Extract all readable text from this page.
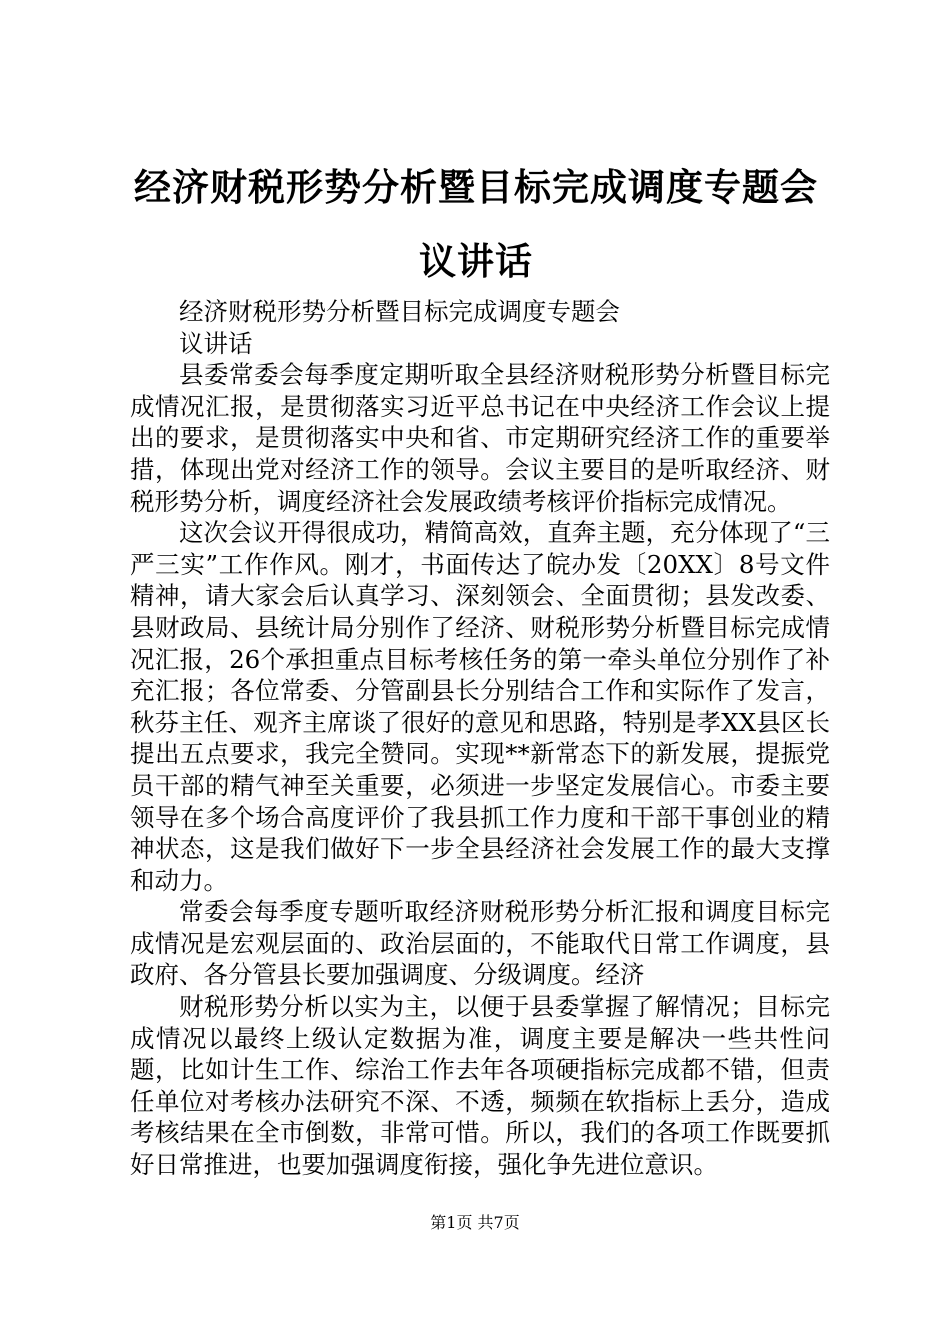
经济财税形势分析暨目标完成调度专题会议讲话

经济财税形势分析暨目标完成调度专题会

议讲话

县委常委会每季度定期听取全县经济财税形势分析暨目标完成情况汇报，是贯彻落实习近平总书记在中央经济工作会议上提出的要求，是贯彻落实中央和省、市定期研究经济工作的重要举措，体现出党对经济工作的领导。会议主要目的是听取经济、财税形势分析，调度经济社会发展政绩考核评价指标完成情况。

这次会议开得很成功，精简高效，直奔主题，充分体现了“三严三实”工作作风。刚才，书面传达了皖办发〔20XX〕8号文件精神，请大家会后认真学习、深刻领会、全面贯彻；县发改委、县财政局、县统计局分别作了经济、财税形势分析暨目标完成情况汇报，26个承担重点目标考核任务的第一牵头单位分别作了补充汇报；各位常委、分管副县长分别结合工作和实际作了发言，秋芬主任、观齐主席谈了很好的意见和思路，特别是孝XX县区长提出五点要求，我完全赞同。实现**新常态下的新发展，提振党员干部的精气神至关重要，必须进一步坚定发展信心。市委主要领导在多个场合高度评价了我县抓工作力度和干部干事创业的精神状态，这是我们做好下一步全县经济社会发展工作的最大支撑和动力。

常委会每季度专题听取经济财税形势分析汇报和调度目标完成情况是宏观层面的、政治层面的，不能取代日常工作调度，县政府、各分管县长要加强调度、分级调度。经济

财税形势分析以实为主，以便于县委掌握了解情况；目标完成情况以最终上级认定数据为准，调度主要是解决一些共性问题，比如计生工作、综治工作去年各项硬指标完成都不错，但责任单位对考核办法研究不深、不透，频频在软指标上丢分，造成考核结果在全市倒数，非常可惜。所以，我们的各项工作既要抓好日常推进，也要加强调度衔接，强化争先进位意识。

第1页 共7页
